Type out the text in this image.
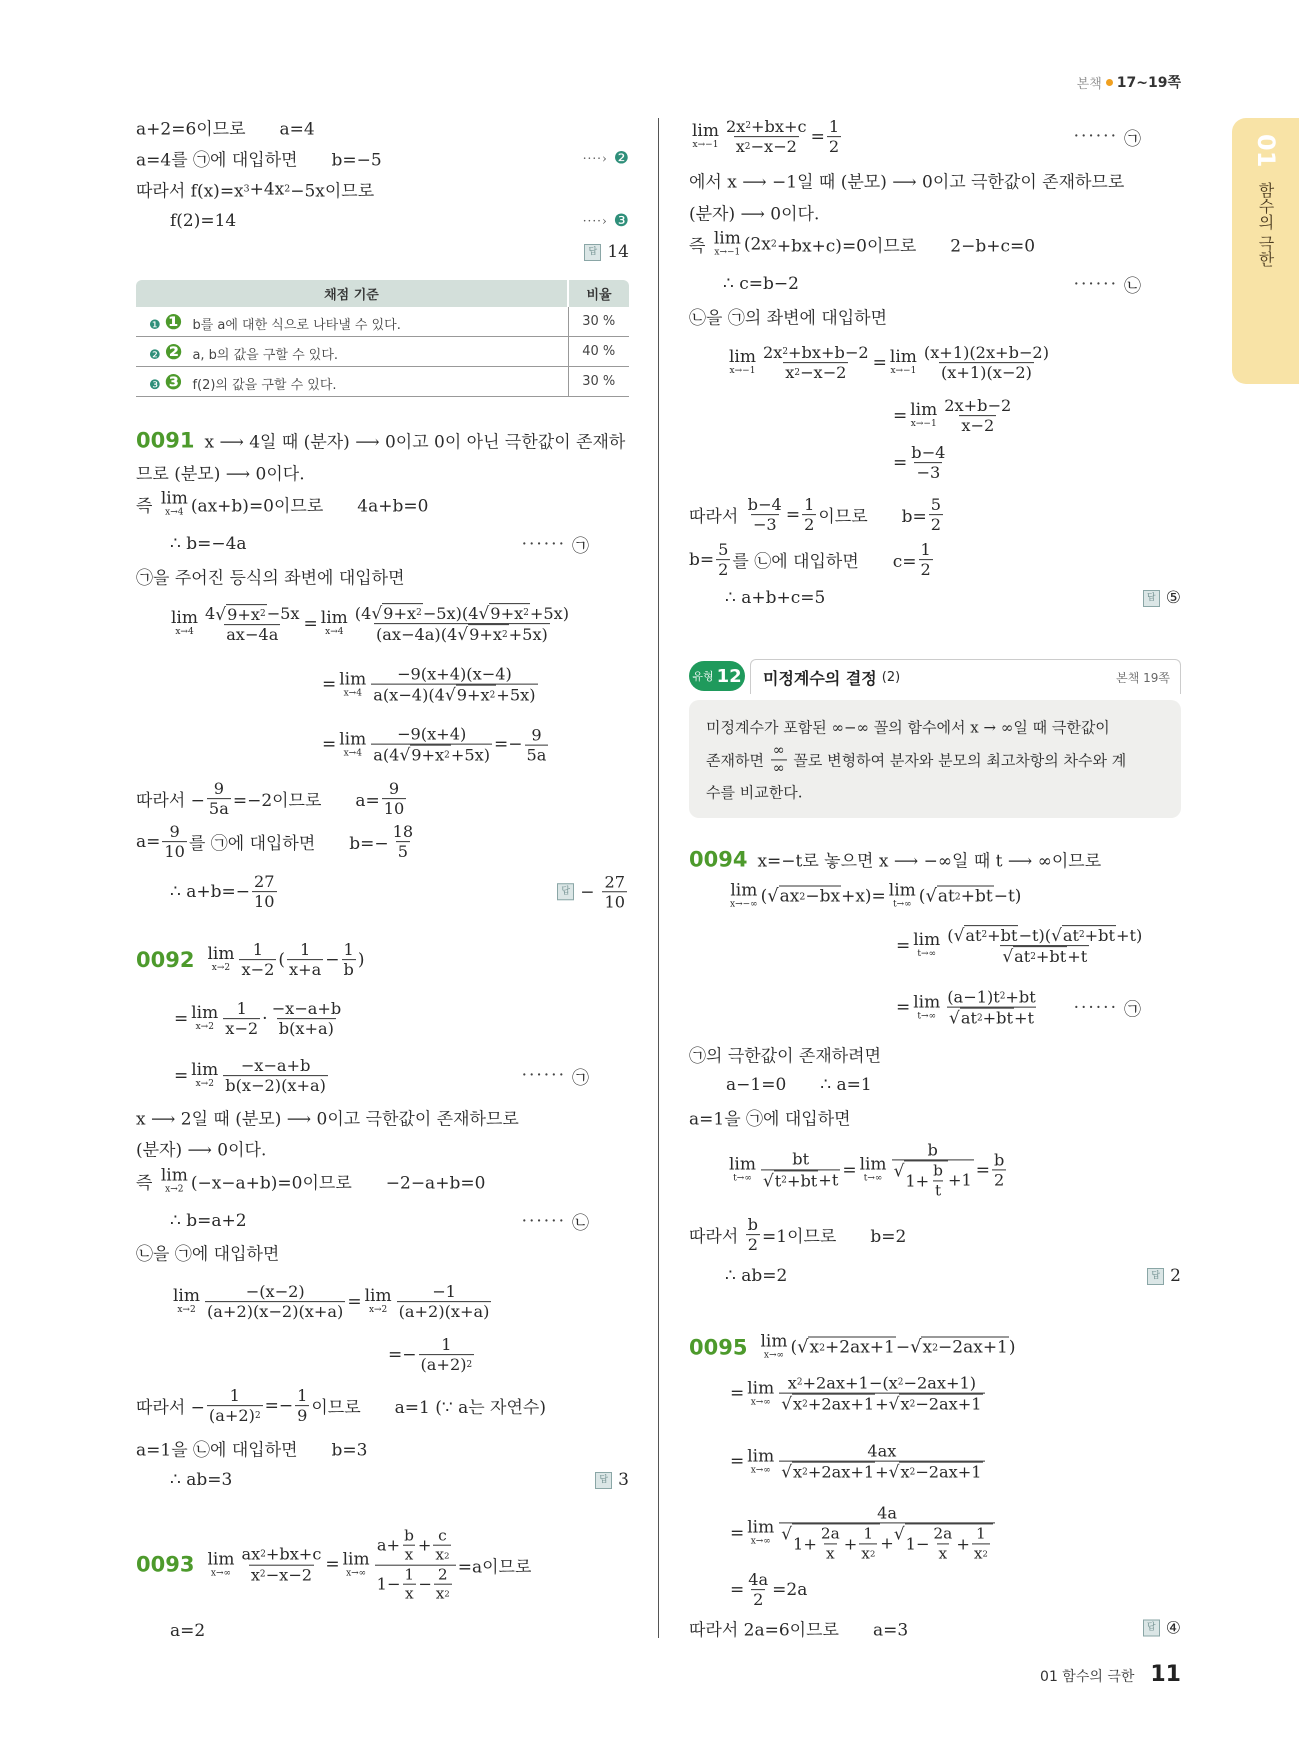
본책 17~19쪽
01
함수의 극한
a+2=6이므로  a=4
a=4를 ㉠에 대입하면  b=−5	····› ❷
따라서 f(x)=x 3 +4x 2 −5x이므로
f(2)=14	····› ❸
답 14
채점 기준	비율
❶ ❶ b를 a에 대한 식으로 나타낼 수 있다.	30 %
❷ ❷ a, b의 값을 구할 수 있다.	40 %
❸ ❸ f(2)의 값을 구할 수 있다.	30 %
0091 x ⟶ 4일 때 (분자) ⟶ 0이고 0이 아닌 극한값이 존재하
므로 (분모) ⟶ 0이다.
즉 lim
x→4 (ax+b)=0이므로  4a+b=0
∴ b=−4a	······ ㉠
㉠을 주어진 등식의 좌변에 대입하면
lim
$x\to 4 \frac{4 √ 9+x 2 -5x}{ax-4a} = \lim$
$x\to 4 \frac{(4 √ 9+x 2 -5x)(4 √ 9+x 2 +5x)}{(ax-4a)(4 √ 9+x 2 +5x)}$
= lim
$x\to 4 \frac{-9(x+4)(x-4)}{a(x-4)(4 √ 9+x 2 +5x)}$
= lim
$x\to 4 \frac{-9(x+4)}{a(4 √ 9+x 2 +5x)} =- \frac{9}{5a}$
따라서 − $\frac{9}{5a} =-2$이므로  $a= \frac{9}{10}$
$a= \frac{9}{10}$ 를 ㉠에 대입하면  $b=- \frac{18}{5}$
∴ $a+b=- \frac{27}{10}$	답 − $\frac{27}{10}$
0092 lim
$x\to 2 \frac{1}{x-2}$ ( $\frac{1}{x+a} - \frac{1}{b}$ )
= lim
$x\to 2 \frac{1}{x-2} \cdot \frac{-x-a+b}{b(x+a)}$
= lim
$x\to 2 \frac{-x-a+b}{b(x-2)(x+a)}$	······ ㉠
x ⟶ 2일 때 (분모) ⟶ 0이고 극한값이 존재하므로
(분자) ⟶ 0이다.
즉 lim
x→2 (−x−a+b)=0이므로  −2−a+b=0
∴ b=a+2	······ ㉡
㉡을 ㉠에 대입하면
lim
$x\to 2 \frac{-(x-2)}{(a+2)(x-2)(x+a)} = \lim$
$x\to 2 \frac{-1}{(a+2)(x+a)}$
=− $\frac{1}{(a+2) 2}$
따라서 − $\frac{1}{(a+2) 2} =- \frac{1}{9}$ 이므로  a=1 (∵ a는 자연수)
a=1을 ㉡에 대입하면  b=3
∴ ab=3	답 3
0093 lim
$x\to\infty \frac{ax 2 +bx+c}{x 2 -x-2} = \lim$
$x\to\infty \frac{a+ \frac{b}{x} + \frac{c}{x 2}}{1- \frac{1}{x} - \frac{2}{x 2}} =a$이므로
a=2
lim
$x\to-1 \frac{2x 2 +bx+c}{x 2 -x-2} = \frac{1}{2}$	······ ㉠
에서 x ⟶ −1일 때 (분모) ⟶ 0이고 극한값이 존재하므로
(분자) ⟶ 0이다.
즉 lim
x→−1 (2x 2 +bx+c)=0이므로  2−b+c=0
∴ c=b−2	······ ㉡
㉡을 ㉠의 좌변에 대입하면
lim
$x\to-1 \frac{2x 2 +bx+b-2}{x 2 -x-2} = \lim$
$x\to-1 \frac{(x+1)(2x+b-2)}{(x+1)(x-2)}$
= lim
$x\to-1 \frac{2x+b-2}{x-2}$
= $\frac{b-4}{-3}$
따라서 $\frac{b-4}{-3} = \frac{1}{2}$ 이므로  $b= \frac{5}{2}$
$b= \frac{5}{2}$ 를 ㉡에 대입하면  $c= \frac{1}{2}$
∴ a+b+c=5	답 ⑤
유형 12 미정계수의 결정 (2)	본책 19쪽
미정계수가 포함된 ∞−∞ 꼴의 함수에서 x → ∞일 때 극한값이
존재하면 $\frac{\infty}{\infty}$ 꼴로 변형하여 분자와 분모의 최고차항의 차수와 계
수를 비교한다.
0094 x=−t로 놓으면 x ⟶ −∞일 때 t ⟶ ∞이므로
lim
x→−∞ ( √ ax 2 −bx +x)= lim
t→∞ ( √ at 2 +bt −t)
= lim
$t\to\infty \frac{( √ at 2 +bt -t)( √ at 2 +bt +t)}{√ at 2 +bt +t}$
= lim
$t\to\infty \frac{(a-1)t 2 +bt}{√ at 2 +bt +t}$ ······ ㉠
㉠의 극한값이 존재하려면
a−1=0  ∴ a=1
a=1을 ㉠에 대입하면
lim
$t\to\infty \frac{bt}{√ t 2 +bt +t} = \lim$
$t\to\infty \frac{b}{√ 1+ \frac{b}{t} +1} = \frac{b}{2}$
따라서 $\frac{b}{2} =1$이므로  b=2
∴ ab=2	답 2
0095 lim
x→∞ ( √ x 2 +2ax+1 − √ x 2 −2ax+1 )
= lim
$x\to\infty \frac{x 2 +2ax+1-(x 2 -2ax+1)}{√ x 2 +2ax+1 + √ x 2 -2ax+1}$
= lim
$x\to\infty \frac{4ax}{√ x 2 +2ax+1 + √ x 2 -2ax+1}$
= lim
$x\to\infty \frac{4a}{√ 1+ \frac{2a}{x} + \frac{1}{x 2} + √ 1- \frac{2a}{x} + \frac{1}{x 2}}$
= $\frac{4a}{2} =2a$
따라서 2a=6이므로  a=3	답 ④
01 함수의 극한 11
